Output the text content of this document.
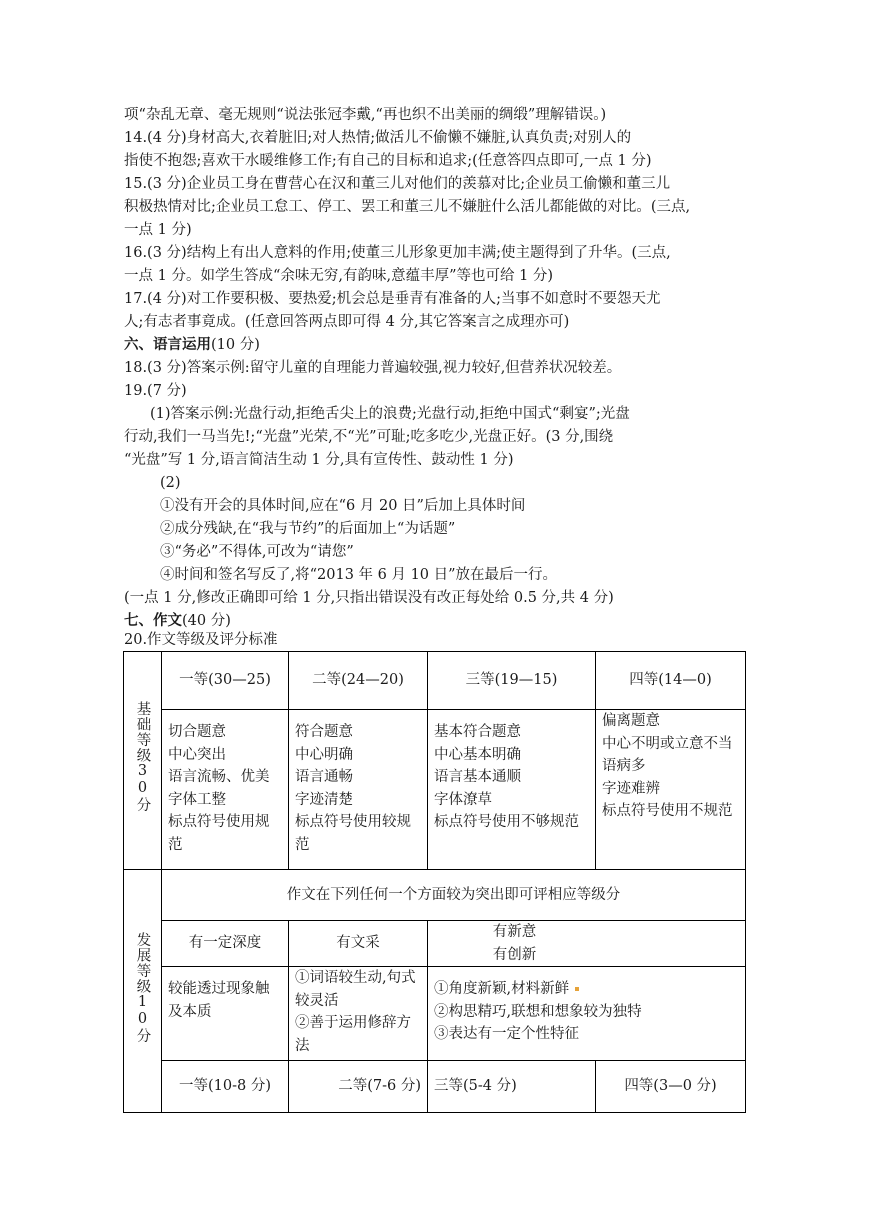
项“杂乱无章、毫无规则“说法张冠李戴,“再也织不出美丽的绸缎”理解错误。)
14.(4 分)身材高大,衣着脏旧;对人热情;做活儿不偷懒不嫌脏,认真负责;对别人的
指使不抱怨;喜欢干水暖维修工作;有自己的目标和追求;(任意答四点即可,一点 1 分)
15.(3 分)企业员工身在曹营心在汉和董三儿对他们的羡慕对比;企业员工偷懒和董三儿
积极热情对比;企业员工怠工、停工、罢工和董三儿不嫌脏什么活儿都能做的对比。(三点,
一点 1 分)
16.(3 分)结构上有出人意料的作用;使董三儿形象更加丰满;使主题得到了升华。(三点,
一点 1 分。如学生答成“余味无穷,有韵味,意蕴丰厚”等也可给 1 分)
17.(4 分)对工作要积极、要热爱;机会总是垂青有准备的人;当事不如意时不要怨天尤
人;有志者事竟成。(任意回答两点即可得 4 分,其它答案言之成理亦可)
六、语言运用(10 分)
18.(3 分)答案示例:留守儿童的自理能力普遍较强,视力较好,但营养状况较差。
19.(7 分)
(1)答案示例:光盘行动,拒绝舌尖上的浪费;光盘行动,拒绝中国式“剩宴”;光盘
行动,我们一马当先!;“光盘”光荣,不“光”可耻;吃多吃少,光盘正好。(3 分,围绕
“光盘”写 1 分,语言简洁生动 1 分,具有宣传性、鼓动性 1 分)
(2)
①没有开会的具体时间,应在“6 月 20 日”后加上具体时间
②成分残缺,在“我与节约”的后面加上“为话题”
③“务必”不得体,可改为“请您”
④时间和签名写反了,将“2013 年 6 月 10 日”放在最后一行。
(一点 1 分,修改正确即可给 1 分,只指出错误没有改正每处给 0.5 分,共 4 分)
七、作文(40 分)
20.作文等级及评分标准
基础等级30分	一等(30—25)	二等(24—20)	三等(19—15)	四等(14—0)

	切合题意
中心突出
语言流畅、优美
字体工整
标点符号使用规范	符合题意
中心明确
语言通畅
字迹清楚
标点符号使用较规范	基本符合题意
中心基本明确
语言基本通顺
字体潦草
标点符号使用不够规范	偏离题意
中心不明或立意不当
语病多
字迹难辨
标点符号使用不规范

发展等级10分	作文在下列任何一个方面较为突出即可评相应等级分			
	有一定深度	有文采	有新意
有创新	

	较能透过现象触及本质	①词语较生动,句式较灵活
②善于运用修辞方法	①角度新颖,材料新鲜
②构思精巧,联想和想象较为独特
③表达有一定个性特征	

	一等(10-8 分)	二等(7-6 分)	三等(5-4 分)	四等(3—0 分)
